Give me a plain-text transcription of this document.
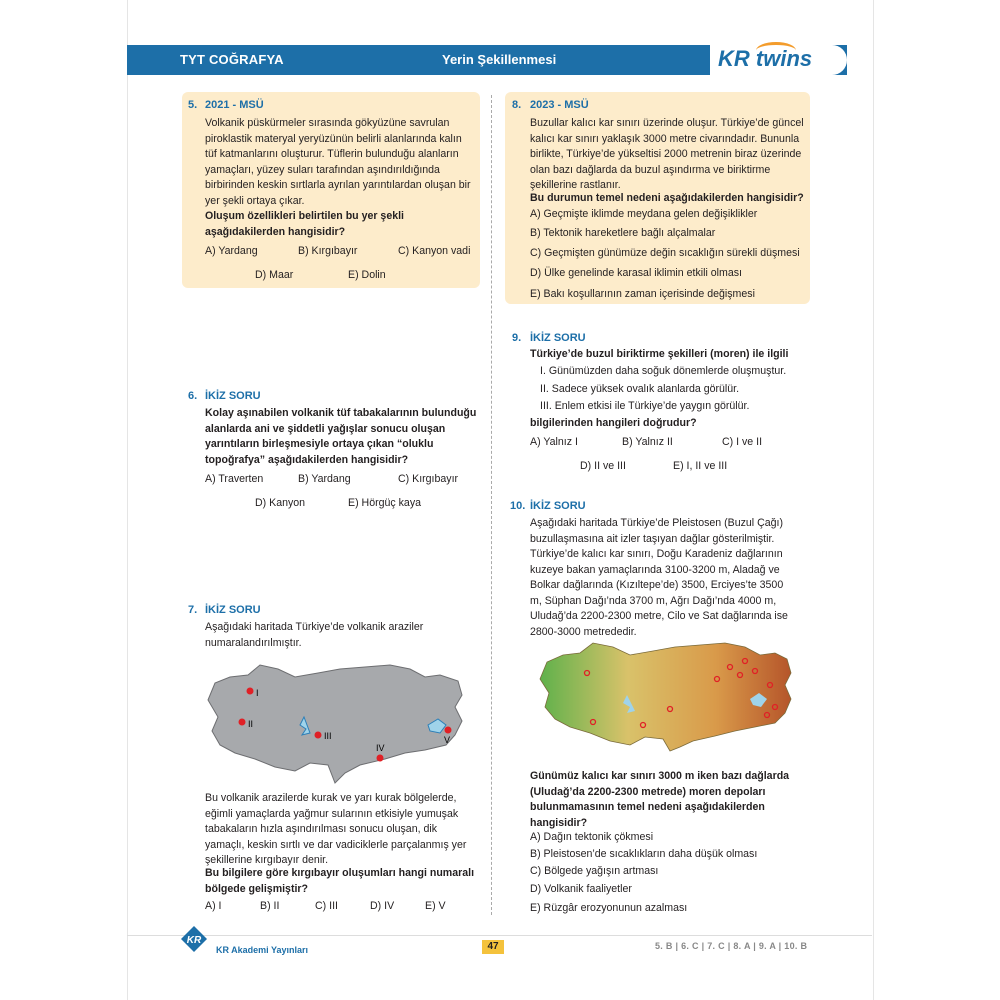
TYT COĞRAFYA	Yerin Şekillenmesi	KR twins
5. 2021 - MSÜ
Volkanik püskürmeler sırasında gökyüzüne savrulan
piroklastik materyal yeryüzünün belirli alanlarında kalın
tüf katmanlarını oluşturur. Tüflerin bulunduğu alanların
yamaçları, yüzey suları tarafından aşındırıldığında
birbirinden keskin sırtlarla ayrılan yarıntılardan oluşan bir
yer şekli ortaya çıkar.
Oluşum özellikleri belirtilen bu yer şekli
aşağıdakilerden hangisidir?
A) Yardang	B) Kırgıbayır	C) Kanyon vadi
D) Maar	E) Dolin
6. İKİZ SORU
Kolay aşınabilen volkanik tüf tabakalarının bulunduğu
alanlarda ani ve şiddetli yağışlar sonucu oluşan
yarıntıların birleşmesiyle ortaya çıkan “oluklu
topoğrafya” aşağıdakilerden hangisidir?
A) Traverten	B) Yardang	C) Kırgıbayır
D) Kanyon	E) Hörgüç kaya
7. İKİZ SORU
Aşağıdaki haritada Türkiye’de volkanik araziler
numaralandırılmıştır.
I
II
III
IV
V
Bu volkanik arazilerde kurak ve yarı kurak bölgelerde,
eğimli yamaçlarda yağmur sularının etkisiyle yumuşak
tabakaların hızla aşındırılması sonucu oluşan, dik
yamaçlı, keskin sırtlı ve dar vadiciklerle parçalanmış yer
şekillerine kırgıbayır denir.
Bu bilgilere göre kırgıbayır oluşumları hangi numaralı
bölgede gelişmiştir?
A) I	B) II	C) III	D) IV	E) V
8. 2023 - MSÜ
Buzullar kalıcı kar sınırı üzerinde oluşur. Türkiye’de güncel
kalıcı kar sınırı yaklaşık 3000 metre civarındadır. Bununla
birlikte, Türkiye’de yükseltisi 2000 metrenin biraz üzerinde
olan bazı dağlarda da buzul aşındırma ve biriktirme
şekillerine rastlanır.
Bu durumun temel nedeni aşağıdakilerden hangisidir?
A) Geçmişte iklimde meydana gelen değişiklikler
B) Tektonik hareketlere bağlı alçalmalar
C) Geçmişten günümüze değin sıcaklığın sürekli düşmesi
D) Ülke genelinde karasal iklimin etkili olması
E) Bakı koşullarının zaman içerisinde değişmesi
9. İKİZ SORU
Türkiye’de buzul biriktirme şekilleri (moren) ile ilgili
I. Günümüzden daha soğuk dönemlerde oluşmuştur.
II. Sadece yüksek ovalık alanlarda görülür.
III. Enlem etkisi ile Türkiye’de yaygın görülür.
bilgilerinden hangileri doğrudur?
A) Yalnız I	B) Yalnız II	C) I ve II
D) II ve III	E) I, II ve III
10. İKİZ SORU
Aşağıdaki haritada Türkiye’de Pleistosen (Buzul Çağı)
buzullaşmasına ait izler taşıyan dağlar gösterilmiştir.
Türkiye’de kalıcı kar sınırı, Doğu Karadeniz dağlarının
kuzeye bakan yamaçlarında 3100-3200 m, Aladağ ve
Bolkar dağlarında (Kızıltepe’de) 3500, Erciyes’te 3500
m, Süphan Dağı’nda 3700 m, Ağrı Dağı’nda 4000 m,
Uludağ’da 2200-2300 metre, Cilo ve Sat dağlarında ise
2800-3000 metrededir.
Günümüz kalıcı kar sınırı 3000 m iken bazı dağlarda
(Uludağ’da 2200-2300 metrede) moren depoları
bulunmamasının temel nedeni aşağıdakilerden
hangisidir?
A) Dağın tektonik çökmesi
B) Pleistosen’de sıcaklıkların daha düşük olması
C) Bölgede yağışın artması
D) Volkanik faaliyetler
E) Rüzgâr erozyonunun azalması
KR
KR Akademi Yayınları	47	5. B | 6. C | 7. C | 8. A | 9. A | 10. B
